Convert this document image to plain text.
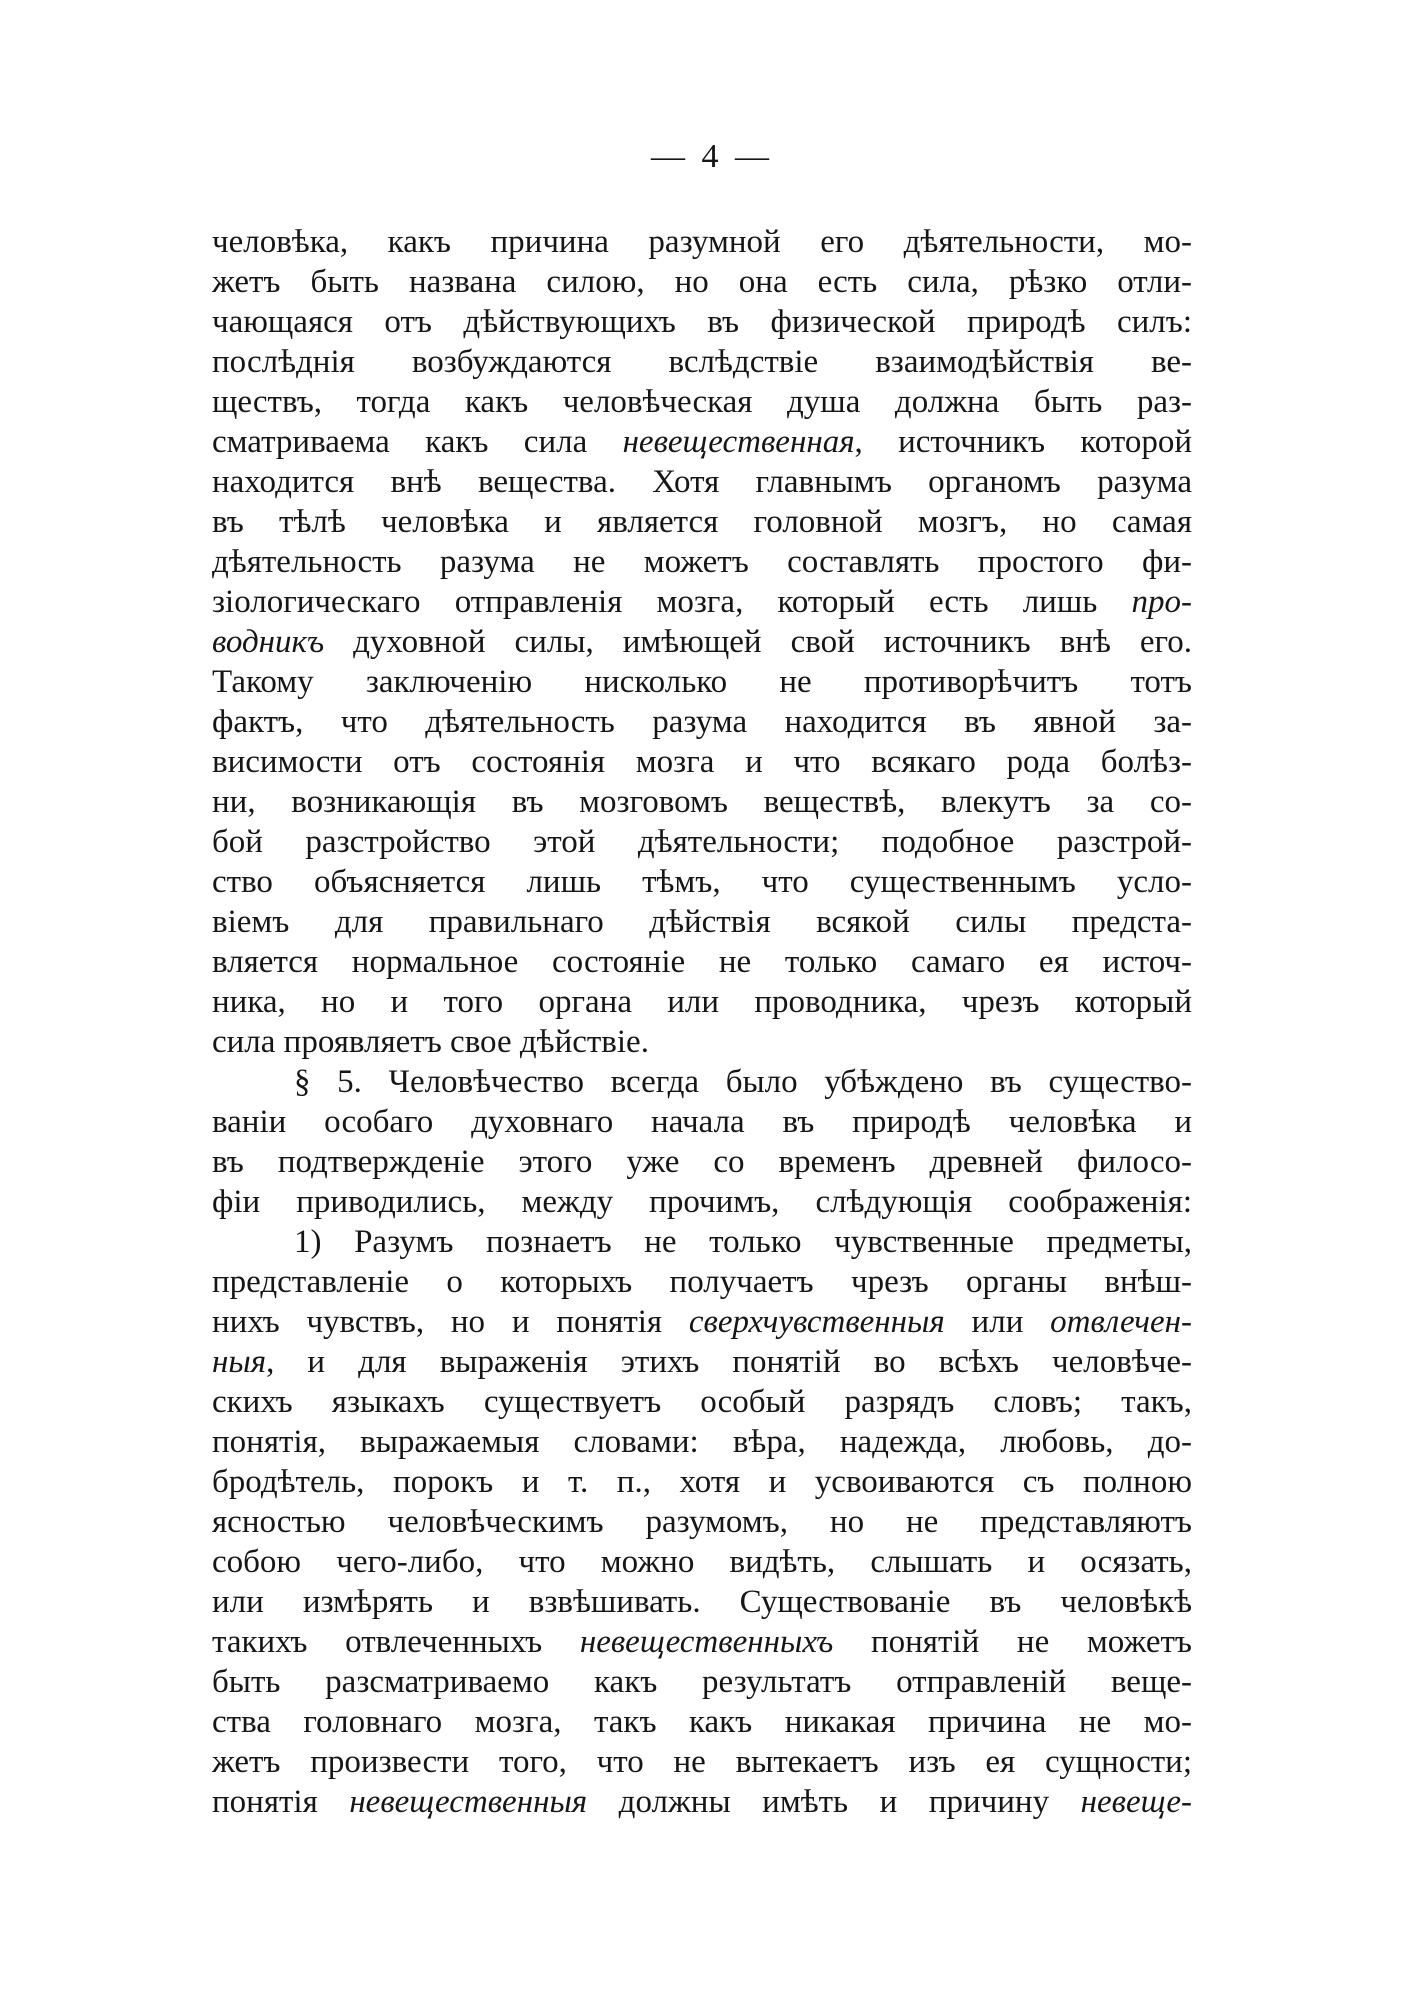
— 4 —
человѣка, какъ причина разумной его дѣятельности, мо-
жетъ быть названа силою, но она есть сила, рѣзко отли-
чающаяся отъ дѣйствующихъ въ физической природѣ силъ:
послѣднія возбуждаются вслѣдствіе взаимодѣйствія ве-
ществъ, тогда какъ человѣческая душа должна быть раз-
сматриваема какъ сила невещественная, источникъ которой
находится внѣ вещества. Хотя главнымъ органомъ разума
въ тѣлѣ человѣка и является головной мозгъ, но самая
дѣятельность разума не можетъ составлять простого фи-
зіологическаго отправленія мозга, который есть лишь про-
водникъ духовной силы, имѣющей свой источникъ внѣ его.
Такому заключенію нисколько не противорѣчитъ тотъ
фактъ, что дѣятельность разума находится въ явной за-
висимости отъ состоянія мозга и что всякаго рода болѣз-
ни, возникающія въ мозговомъ веществѣ, влекутъ за со-
бой разстройство этой дѣятельности; подобное разстрой-
ство объясняется лишь тѣмъ, что существеннымъ усло-
віемъ для правильнаго дѣйствія всякой силы предста-
вляется нормальное состояніе не только самаго ея источ-
ника, но и того органа или проводника, чрезъ который
сила проявляетъ свое дѣйствіе.
§ 5. Человѣчество всегда было убѣждено въ существо-
ваніи особаго духовнаго начала въ природѣ человѣка и
въ подтвержденіе этого уже со временъ древней филосо-
фіи приводились, между прочимъ, слѣдующія соображенія:
1) Разумъ познаетъ не только чувственные предметы,
представленіе о которыхъ получаетъ чрезъ органы внѣш-
нихъ чувствъ, но и понятія сверхчувственныя или отвлечен-
ныя, и для выраженія этихъ понятій во всѣхъ человѣче-
скихъ языкахъ существуетъ особый разрядъ словъ; такъ,
понятія, выражаемыя словами: вѣра, надежда, любовь, до-
бродѣтель, порокъ и т. п., хотя и усвоиваются съ полною
ясностью человѣческимъ разумомъ, но не представляютъ
собою чего-либо, что можно видѣть, слышать и осязать,
или измѣрять и взвѣшивать. Существованіе въ человѣкѣ
такихъ отвлеченныхъ невещественныхъ понятій не можетъ
быть разсматриваемо какъ результатъ отправленій веще-
ства головнаго мозга, такъ какъ никакая причина не мо-
жетъ произвести того, что не вытекаетъ изъ ея сущности;
понятія невещественныя должны имѣть и причину невеще-
